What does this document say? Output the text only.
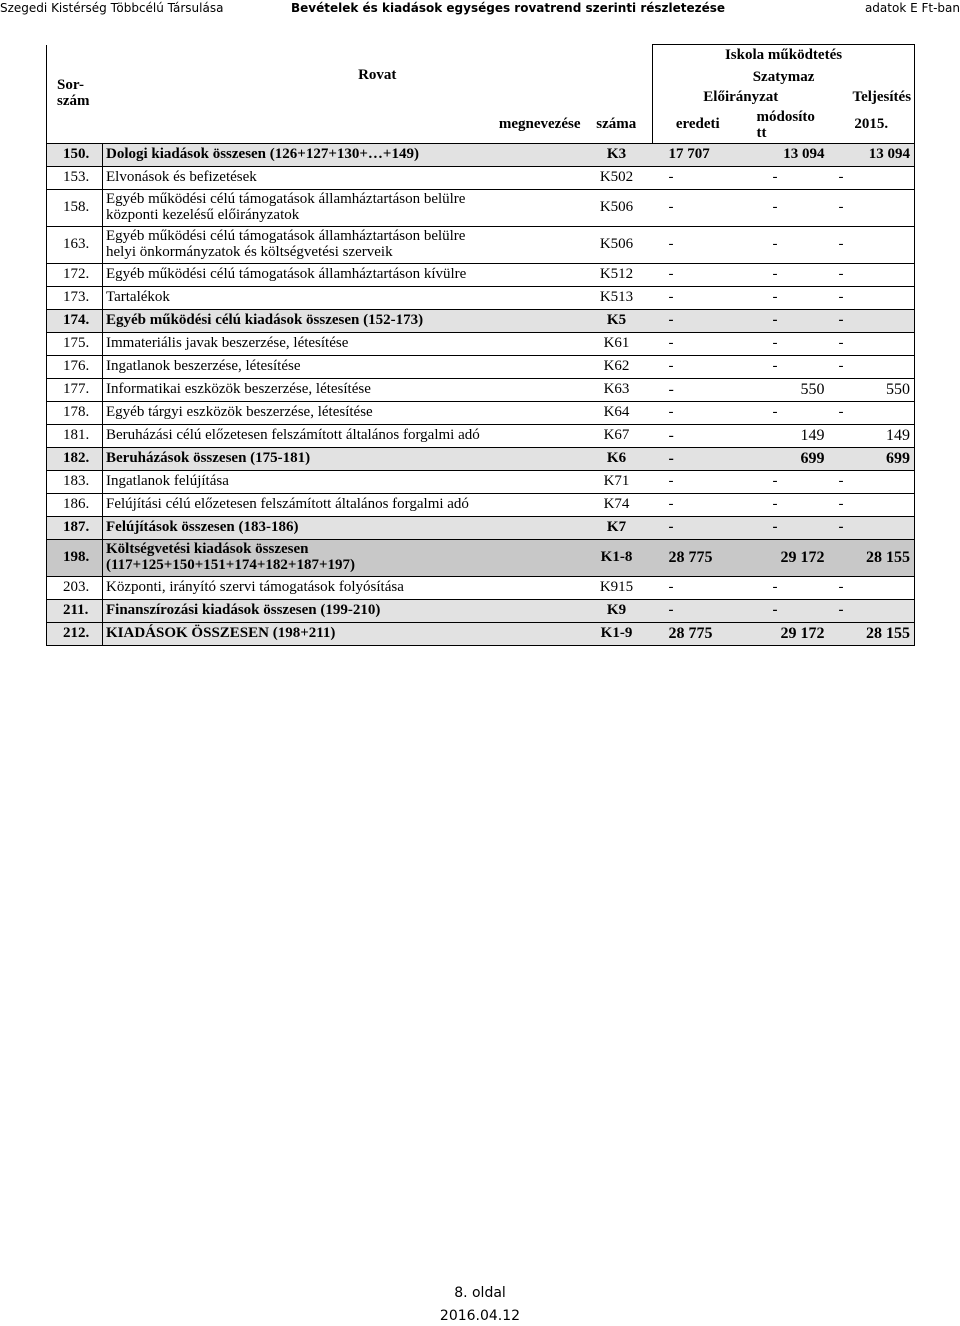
Szegedi Kistérség Többcélú Társulása	Bevételek és kiadások egységes rovatrend szerinti részletezése	adatok E Ft-ban
Sor-
szám	Rovat		Iskola működtetés		
			Szatymaz		
			Előirányzat		Teljesítés
	megnevezése	száma	eredeti	módosíto tt	2015.
150.	Dologi kiadások összesen (126+127+130+…+149)	K3	17 707	13 094	13 094
153.	Elvonások és befizetések	K502	-	-	-
158.	Egyéb működési célú támogatások államháztartáson belülre
központi kezelésű előirányzatok	K506	-	-	-
163.	Egyéb működési célú támogatások államháztartáson belülre
helyi önkormányzatok és költségvetési szerveik	K506	-	-	-
172.	Egyéb működési célú támogatások államháztartáson kívülre	K512	-	-	-
173.	Tartalékok	K513	-	-	-
174.	Egyéb működési célú kiadások összesen (152-173)	K5	-	-	-
175.	Immateriális javak beszerzése, létesítése	K61	-	-	-
176.	Ingatlanok beszerzése, létesítése	K62	-	-	-
177.	Informatikai eszközök beszerzése, létesítése	K63	-	550	550
178.	Egyéb tárgyi eszközök beszerzése, létesítése	K64	-	-	-
181.	Beruházási célú előzetesen felszámított általános forgalmi adó	K67	-	149	149
182.	Beruházások összesen (175-181)	K6	-	699	699
183.	Ingatlanok felújítása	K71	-	-	-
186.	Felújítási célú előzetesen felszámított általános forgalmi adó	K74	-	-	-
187.	Felújítások összesen (183-186)	K7	-	-	-
198.	Költségvetési kiadások összesen
(117+125+150+151+174+182+187+197)	K1-8	28 775	29 172	28 155
203.	Központi, irányító szervi támogatások folyósítása	K915	-	-	-
211.	Finanszírozási kiadások összesen (199-210)	K9	-	-	-
212.	KIADÁSOK ÖSSZESEN (198+211)	K1-9	28 775	29 172	28 155
8. oldal
2016.04.12
